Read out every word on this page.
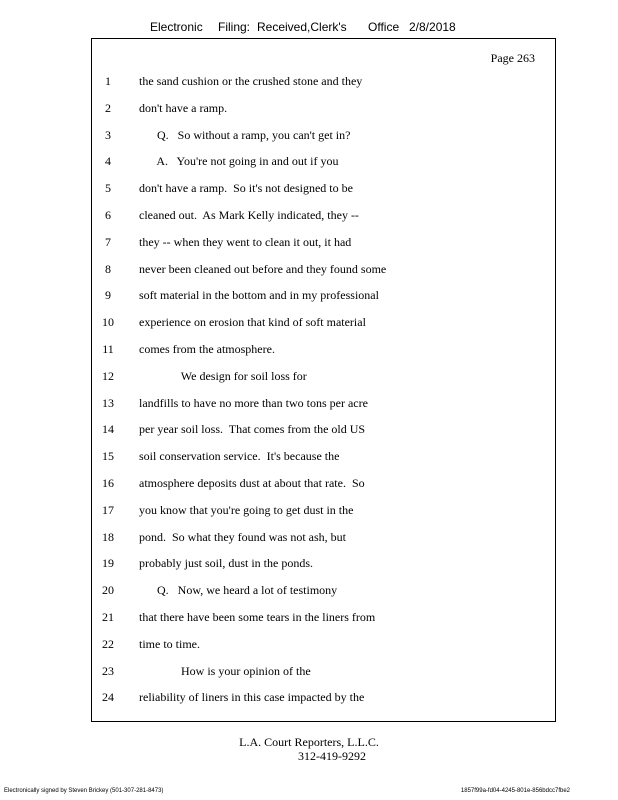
Electronic Filing: Received,Clerk's Office 2/8/2018
Page 263
1	the sand cushion or the crushed stone and they
2	don't have a ramp.
3	Q.   So without a ramp, you can't get in?
4	A.   You're not going in and out if you
5	don't have a ramp.  So it's not designed to be
6	cleaned out.  As Mark Kelly indicated, they --
7	they -- when they went to clean it out, it had
8	never been cleaned out before and they found some
9	soft material in the bottom and in my professional
10	experience on erosion that kind of soft material
11	comes from the atmosphere.
12	We design for soil loss for
13	landfills to have no more than two tons per acre
14	per year soil loss.  That comes from the old US
15	soil conservation service.  It's because the
16	atmosphere deposits dust at about that rate.  So
17	you know that you're going to get dust in the
18	pond.  So what they found was not ash, but
19	probably just soil, dust in the ponds.
20	Q.   Now, we heard a lot of testimony
21	that there have been some tears in the liners from
22	time to time.
23	How is your opinion of the
24	reliability of liners in this case impacted by the
L.A. Court Reporters, L.L.C.
312-419-9292
Electronically signed by Steven Brickey (501-307-281-8473)	1857f99a-fd04-4245-801e-856bdcc7fbe2
